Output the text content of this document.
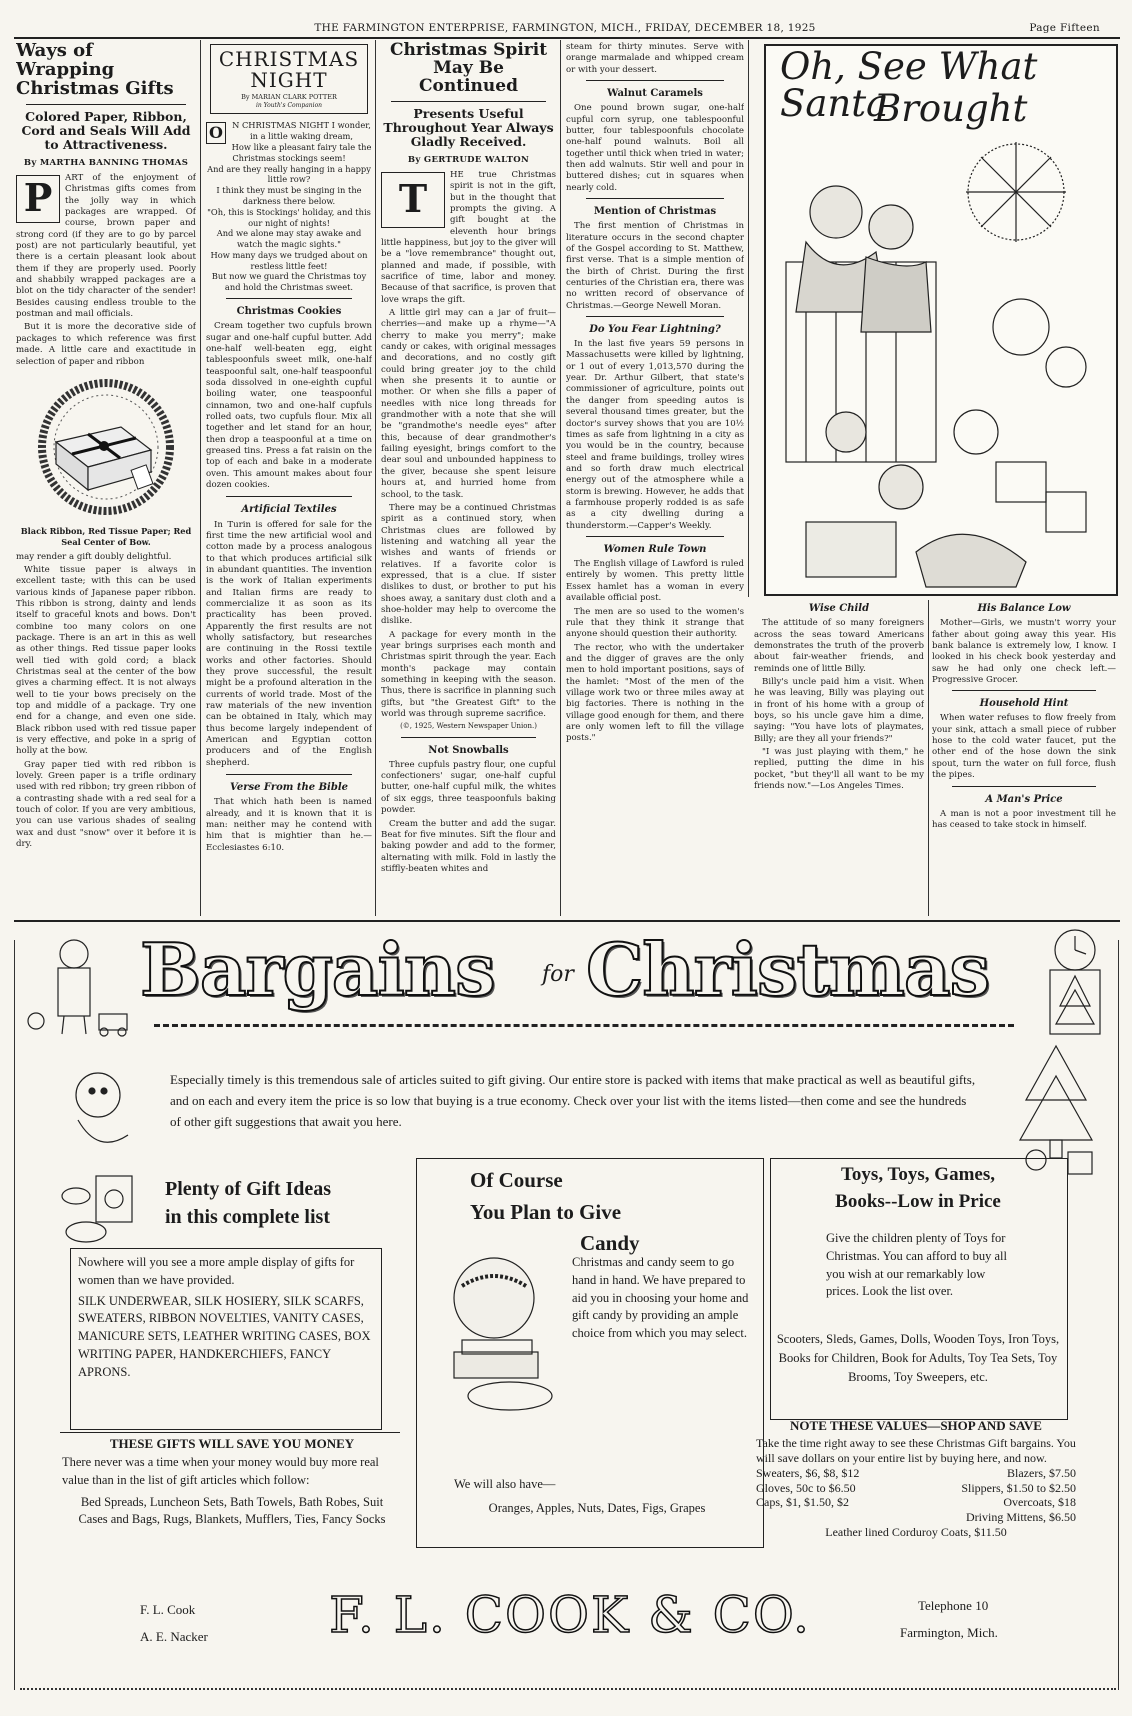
THE FARMINGTON ENTERPRISE, FARMINGTON, MICH., FRIDAY, DECEMBER 18, 1925	Page Fifteen
Ways of Wrapping Christmas Gifts
Colored Paper, Ribbon, Cord and Seals Will Add to Attractiveness.
By MARTHA BANNING THOMAS
P	ART of the enjoyment of Christmas gifts comes from the jolly way in which packages are wrapped. Of course, brown paper and strong cord (if they are to go by parcel post) are not particularly beautiful, yet there is a certain pleasant look about them if they are properly used. Poorly and shabbily wrapped packages are a blot on the tidy character of the sender! Besides causing endless trouble to the postman and mail officials.

But it is more the decorative side of packages to which reference was first made. A little care and exactitude in selection of paper and ribbon

Black Ribbon, Red Tissue Paper; Red Seal Center of Bow.

may render a gift doubly delightful.

White tissue paper is always in excellent taste; with this can be used various kinds of Japanese paper ribbon. This ribbon is strong, dainty and lends itself to graceful knots and bows. Don't combine too many colors on one package. There is an art in this as well as other things. Red tissue paper looks well tied with gold cord; a black Christmas seal at the center of the bow gives a charming effect. It is not always well to tie your bows precisely on the top and middle of a package. Try one end for a change, and even one side. Black ribbon used with red tissue paper is very effective, and poke in a sprig of holly at the bow.

Gray paper tied with red ribbon is lovely. Green paper is a trifle ordinary used with red ribbon; try green ribbon of a contrasting shade with a red seal for a touch of color. If you are very ambitious, you can use various shades of sealing wax and dust "snow" over it before it is dry.

CHRISTMAS
NIGHT
By MARIAN CLARK POTTER
in Youth's Companion
O	N CHRISTMAS NIGHT I wonder, in a little waking dream,
How like a pleasant fairy tale the Christmas stockings seem!
And are they really hanging in a happy little row?
I think they must be singing in the darkness there below.
"Oh, this is Stockings' holiday, and this our night of nights!
And we alone may stay awake and watch the magic sights."
How many days we trudged about on restless little feet!
But now we guard the Christmas toy and hold the Christmas sweet.
Christmas Cookies

Cream together two cupfuls brown sugar and one-half cupful butter. Add one-half well-beaten egg, eight tablespoonfuls sweet milk, one-half teaspoonful salt, one-half teaspoonful soda dissolved in one-eighth cupful boiling water, one teaspoonful cinnamon, two and one-half cupfuls rolled oats, two cupfuls flour. Mix all together and let stand for an hour, then drop a teaspoonful at a time on greased tins. Press a fat raisin on the top of each and bake in a moderate oven. This amount makes about four dozen cookies.

Artificial Textiles

In Turin is offered for sale for the first time the new artificial wool and cotton made by a process analogous to that which produces artificial silk in abundant quantities. The invention is the work of Italian experiments and Italian firms are ready to commercialize it as soon as its practicality has been proved. Apparently the first results are not wholly satisfactory, but researches are continuing in the Rossi textile works and other factories. Should they prove successful, the result might be a profound alteration in the currents of world trade. Most of the raw materials of the new invention can be obtained in Italy, which may thus become largely independent of American and Egyptian cotton producers and of the English shepherd.

Verse From the Bible

That which hath been is named already, and it is known that it is man: neither may he contend with him that is mightier than he.—Ecclesiastes 6:10.

Christmas Spirit May Be Continued
Presents Useful Throughout Year Always Gladly Received.
By GERTRUDE WALTON
T

HE true Christmas spirit is not in the gift, but in the thought that prompts the giving. A gift bought at the eleventh hour brings little happiness, but joy to the giver will be a "love remembrance" thought out, planned and made, if possible, with sacrifice of time, labor and money. Because of that sacrifice, is proven that love wraps the gift.

A little girl may can a jar of fruit—cherries—and make up a rhyme—"A cherry to make you merry"; make candy or cakes, with original messages and decorations, and no costly gift could bring greater joy to the child when she presents it to auntie or mother. Or when she fills a paper of needles with nice long threads for grandmother with a note that she will be "grandmothe's needle eyes" after this, because of dear grandmother's failing eyesight, brings comfort to the dear soul and unbounded happiness to the giver, because she spent leisure hours at, and hurried home from school, to the task.

There may be a continued Christmas spirit as a continued story, when Christmas clues are followed by listening and watching all year the wishes and wants of friends or relatives. If a favorite color is expressed, that is a clue. If sister dislikes to dust, or brother to put his shoes away, a sanitary dust cloth and a shoe-holder may help to overcome the dislike.

A package for every month in the year brings surprises each month and Christmas spirit through the year. Each month's package may contain something in keeping with the season. Thus, there is sacrifice in planning such gifts, but "the Greatest Gift" to the world was through supreme sacrifice.

(©, 1925, Western Newspaper Union.)
Not Snowballs

Three cupfuls pastry flour, one cupful confectioners' sugar, one-half cupful butter, one-half cupful milk, the whites of six eggs, three teaspoonfuls baking powder.

Cream the butter and add the sugar. Beat for five minutes. Sift the flour and baking powder and add to the former, alternating with milk. Fold in lastly the stiffly-beaten whites and

steam for thirty minutes. Serve with orange marmalade and whipped cream or with your dessert.

Walnut Caramels

One pound brown sugar, one-half cupful corn syrup, one tablespoonful butter, four tablespoonfuls chocolate one-half pound walnuts. Boil all together until thick when tried in water; then add walnuts. Stir well and pour in buttered dishes; cut in squares when nearly cold.

Mention of Christmas

The first mention of Christmas in literature occurs in the second chapter of the Gospel according to St. Matthew, first verse. That is a simple mention of the birth of Christ. During the first centuries of the Christian era, there was no written record of observance of Christmas.—George Newell Moran.

Do You Fear Lightning?

In the last five years 59 persons in Massachusetts were killed by lightning, or 1 out of every 1,013,570 during the year. Dr. Arthur Gilbert, that state's commissioner of agriculture, points out the danger from speeding autos is several thousand times greater, but the doctor's survey shows that you are 10½ times as safe from lightning in a city as you would be in the country, because steel and frame buildings, trolley wires and so forth draw much electrical energy out of the atmosphere while a storm is brewing. However, he adds that a farmhouse properly rodded is as safe as a city dwelling during a thunderstorm.—Capper's Weekly.

Women Rule Town

The English village of Lawford is ruled entirely by women. This pretty little Essex hamlet has a woman in every available official post.

The men are so used to the women's rule that they think it strange that anyone should question their authority.

The rector, who with the undertaker and the digger of graves are the only men to hold important positions, says of the hamlet: "Most of the men of the village work two or three miles away at big factories. There is nothing in the village good enough for them, and there are only women left to fill the village posts."

Oh, See What Santa
Brought
Wise Child

The attitude of so many foreigners across the seas toward Americans demonstrates the truth of the proverb about fair-weather friends, and reminds one of little Billy.

Billy's uncle paid him a visit. When he was leaving, Billy was playing out in front of his home with a group of boys, so his uncle gave him a dime, saying: "You have lots of playmates, Billy; are they all your friends?"

"I was just playing with them," he replied, putting the dime in his pocket, "but they'll all want to be my friends now."—Los Angeles Times.

His Balance Low

Mother—Girls, we mustn't worry your father about going away this year. His bank balance is extremely low, I know. I looked in his check book yesterday and saw he had only one check left.—Progressive Grocer.

Household Hint

When water refuses to flow freely from your sink, attach a small piece of rubber hose to the cold water faucet, put the other end of the hose down the sink spout, turn the water on full force, flush the pipes.

A Man's Price

A man is not a poor investment till he has ceased to take stock in himself.

Bargains for Christmas
Especially timely is this tremendous sale of articles suited to gift giving. Our entire store is packed with items that make practical as well as beautiful gifts, and on each and every item the price is so low that buying is a true economy. Check over your list with the items listed—then come and see the hundreds of other gift suggestions that await you here.
Plenty of Gift Ideas
in this complete list
Nowhere will you see a more ample display of gifts for women than we have provided.
SILK UNDERWEAR, SILK HOSIERY, SILK SCARFS, SWEATERS, RIBBON NOVELTIES, VANITY CASES, MANICURE SETS, LEATHER WRITING CASES, BOX WRITING PAPER, HANDKERCHIEFS, FANCY APRONS.
THESE GIFTS WILL SAVE YOU MONEY
There never was a time when your money would buy more real value than in the list of gift articles which follow:
Bed Spreads, Luncheon Sets, Bath Towels, Bath Robes, Suit Cases and Bags, Rugs, Blankets, Mufflers, Ties, Fancy Socks
Of Course
You Plan to Give
Candy
Christmas and candy seem to go hand in hand. We have prepared to aid you in choosing your home and gift candy by providing an ample choice from which you may select.
We will also have—
Oranges, Apples, Nuts, Dates, Figs, Grapes
Toys, Toys, Games,
Books--Low in Price
Give the children plenty of Toys for Christmas. You can afford to buy all you wish at our remarkably low prices. Look the list over.
Scooters, Sleds, Games, Dolls, Wooden Toys, Iron Toys, Books for Children, Book for Adults, Toy Tea Sets, Toy Brooms, Toy Sweepers, etc.
NOTE THESE VALUES—SHOP AND SAVE
Take the time right away to see these Christmas Gift bargains. You will save dollars on your entire list by buying here, and now.
Sweaters, $6, $8, $12	Blazers, $7.50
Gloves, 50c to $6.50	Slippers, $1.50 to $2.50
Caps, $1, $1.50, $2	Overcoats, $18
Driving Mittens, $6.50
Leather lined Corduroy Coats, $11.50
F. L. Cook
A. E. Nacker	F. L. COOK & CO.	Telephone 10
Farmington, Mich.
